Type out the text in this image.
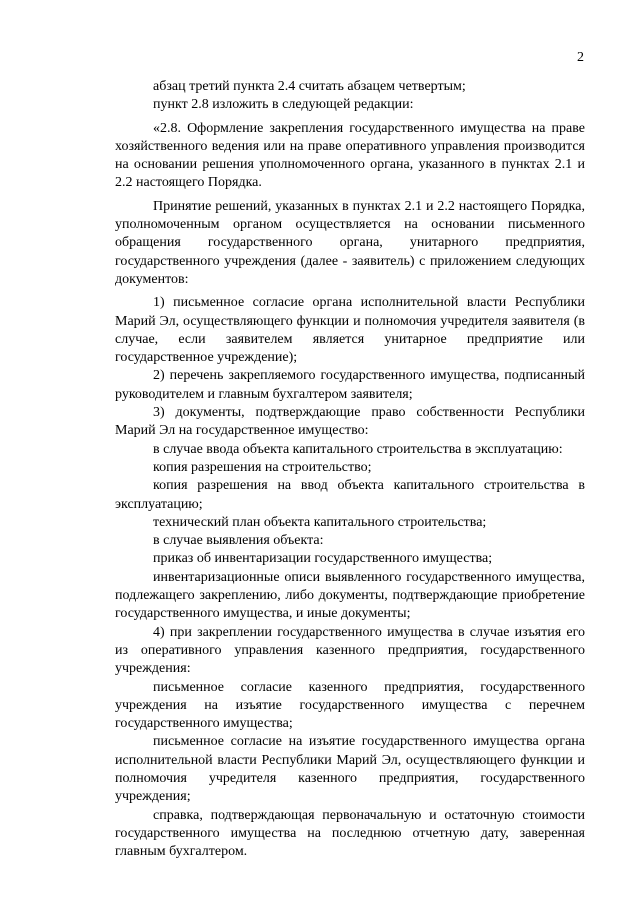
2

абзац третий пункта 2.4 считать абзацем четвертым;

пункт 2.8 изложить в следующей редакции:

«2.8. Оформление закрепления государственного имущества на праве хозяйственного ведения или на праве оперативного управления производится на основании решения уполномоченного органа, указанного в пунктах 2.1 и 2.2 настоящего Порядка.

Принятие решений, указанных в пунктах 2.1 и 2.2 настоящего Порядка, уполномоченным органом осуществляется на основании письменного обращения государственного органа, унитарного предприятия, государственного учреждения (далее - заявитель) с приложением следующих документов:

1) письменное согласие органа исполнительной власти Республики Марий Эл, осуществляющего функции и полномочия учредителя заявителя (в случае, если заявителем является унитарное предприятие или государственное учреждение);

2) перечень закрепляемого государственного имущества, подписанный руководителем и главным бухгалтером заявителя;

3) документы, подтверждающие право собственности Республики Марий Эл на государственное имущество:

в случае ввода объекта капитального строительства в эксплуатацию:

копия разрешения на строительство;

копия разрешения на ввод объекта капитального строительства в эксплуатацию;

технический план объекта капитального строительства;

в случае выявления объекта:

приказ об инвентаризации государственного имущества;

инвентаризационные описи выявленного государственного имущества, подлежащего закреплению, либо документы, подтверждающие приобретение государственного имущества, и иные документы;

4) при закреплении государственного имущества в случае изъятия его из оперативного управления казенного предприятия, государственного учреждения:

письменное согласие казенного предприятия, государственного учреждения на изъятие государственного имущества с перечнем государственного имущества;

письменное согласие на изъятие государственного имущества органа исполнительной власти Республики Марий Эл, осуществляющего функции и полномочия учредителя казенного предприятия, государственного учреждения;

справка, подтверждающая первоначальную и остаточную стоимости государственного имущества на последнюю отчетную дату, заверенная главным бухгалтером.
